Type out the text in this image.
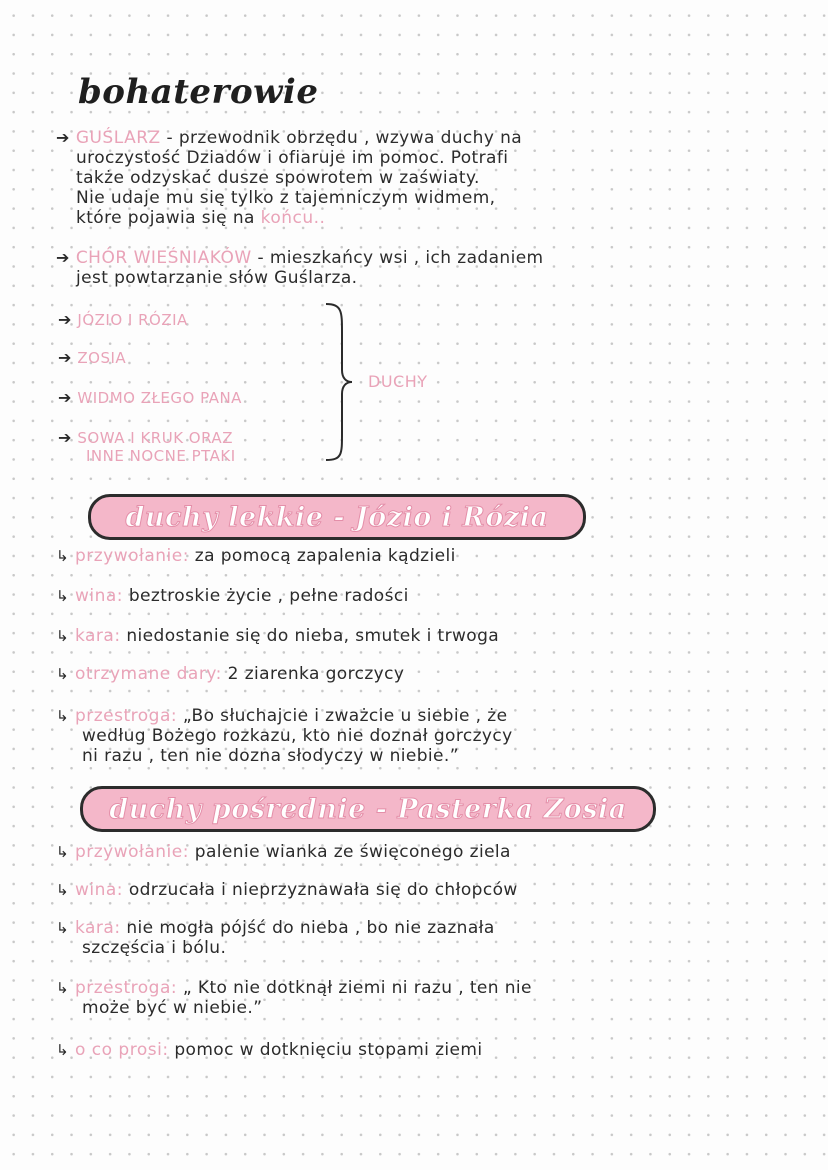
bohaterowie
➔ GUŚLARZ - przewodnik obrzędu , wzywa duchy na
uroczystość Dziadów i ofiaruje im pomoc. Potrafi
także odzyskać dusze spowrotem w zaświaty.
Nie udaje mu się tylko z tajemniczym widmem,
które pojawia się na końcu..
➔ CHÓR WIEŚNIAKÓW - mieszkańcy wsi , ich zadaniem
jest powtarzanie słów Guślarza.
➔ JÓZIO I RÓZIA
➔ ZOSIA
➔ WIDMO ZŁEGO PANA
➔ SOWA I KRUK ORAZ
INNE NOCNE PTAKI
DUCHY
duchy lekkie - Józio i Rózia
↳ przywołanie: za pomocą zapalenia kądzieli
↳ wina: beztroskie życie , pełne radości
↳ kara: niedostanie się do nieba, smutek i trwoga
↳ otrzymane dary: 2 ziarenka gorczycy
↳ przestroga: „Bo słuchajcie i zważcie u siebie , że
według Bożego rozkazu, kto nie doznał gorczycy
ni razu , ten nie dozna słodyczy w niebie.”
duchy pośrednie - Pasterka Zosia
↳ przywołanie: palenie wianka ze święconego ziela
↳ wina: odrzucała i nieprzyznawała się do chłopców
↳ kara: nie mogła pójść do nieba , bo nie zaznała
szczęścia i bólu.
↳ przestroga: „ Kto nie dotknął ziemi ni razu , ten nie
może być w niebie.”
↳ o co prosi: pomoc w dotknięciu stopami ziemi
